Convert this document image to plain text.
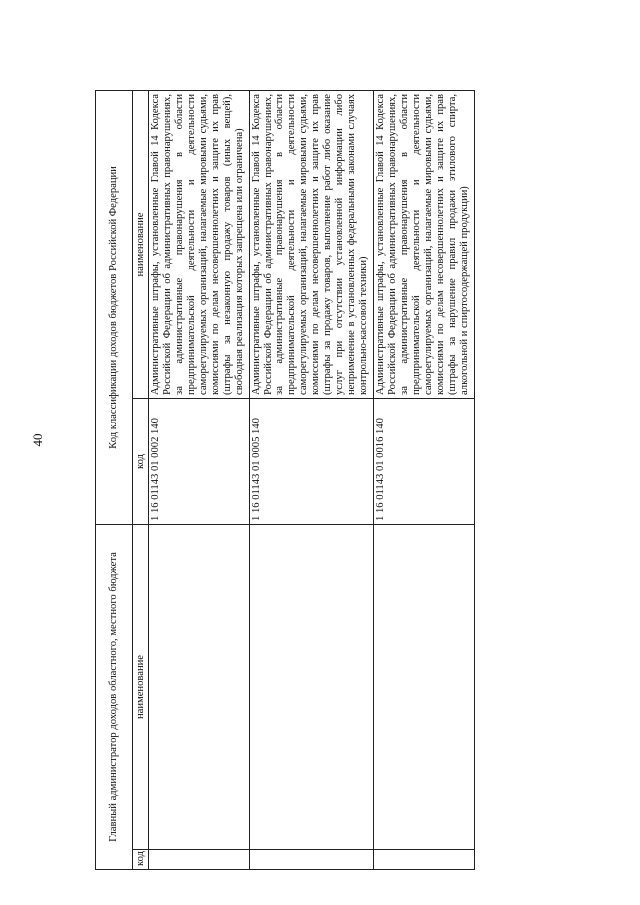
40
Главный администратор доходов областного, местного бюджета		Код классификации доходов бюджетов Российской Федерации	
код	наименование	код	наименование
		1 16 01143 01 0002 140	Административные штрафы, установленные Главой 14 Кодекса Российской Федерации об административных правонарушениях, за административные правонарушения в области предпринимательской деятельности и деятельности саморегулируемых организаций, налагаемые мировыми судьями, комиссиями по делам несовершеннолетних и защите их прав (штрафы за незаконную продажу товаров (иных вещей), свободная реализация которых запрещена или ограничена)
		1 16 01143 01 0005 140	Административные штрафы, установленные Главой 14 Кодекса Российской Федерации об административных правонарушениях, за административные правонарушения в области предпринимательской деятельности и деятельности саморегулируемых организаций, налагаемые мировыми судьями, комиссиями по делам несовершеннолетних и защите их прав (штрафы за продажу товаров, выполнение работ либо оказание услуг при отсутствии установленной информации либо неприменение в установленных федеральными законами случаях контрольно-кассовой техники)
		1 16 01143 01 0016 140	Административные штрафы, установленные Главой 14 Кодекса Российской Федерации об административных правонарушениях, за административные правонарушения в области предпринимательской деятельности и деятельности саморегулируемых организаций, налагаемые мировыми судьями, комиссиями по делам несовершеннолетних и защите их прав (штрафы за нарушение правил продажи этилового спирта, алкогольной и спиртосодержащей продукции)
